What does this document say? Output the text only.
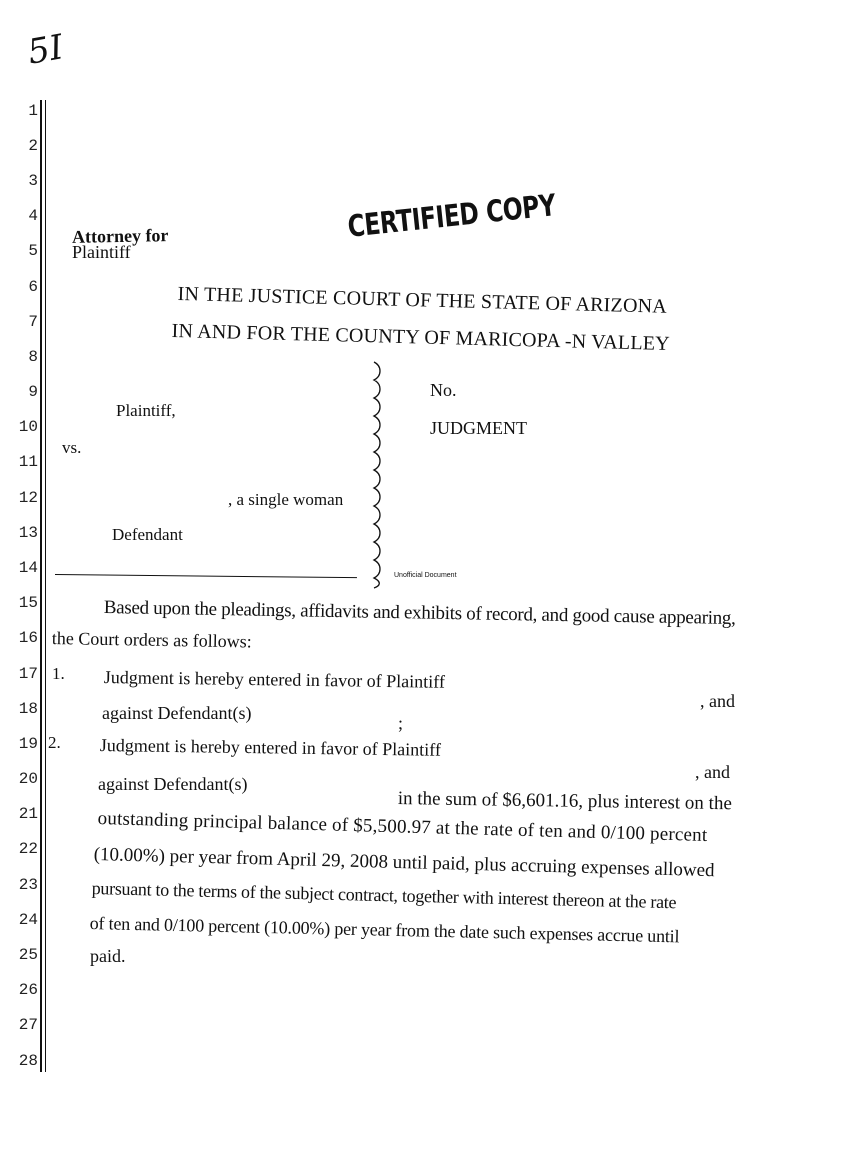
5I
1
2
3
4
5
6
7
8
9
10
11
12
13
14
15
16
17
18
19
20
21
22
23
24
25
26
27
28
CERTIFIED COPY
Attorney for
Plaintiff
IN THE JUSTICE COURT OF THE STATE OF ARIZONA
IN AND FOR THE COUNTY OF MARICOPA -N VALLEY
Plaintiff,
vs.
, a single woman
Defendant
No.
JUDGMENT
Unofficial Document
Based upon the pleadings, affidavits and exhibits of record, and good cause appearing,
the Court orders as follows:
1. Judgment is hereby entered in favor of Plaintiff
, and
against Defendant(s)	;
2. Judgment is hereby entered in favor of Plaintiff
, and
against Defendant(s)
in the sum of $6,601.16, plus interest on the
outstanding principal balance of $5,500.97 at the rate of ten and 0/100 percent
(10.00%) per year from April 29, 2008 until paid, plus accruing expenses allowed
pursuant to the terms of the subject contract, together with interest thereon at the rate
of ten and 0/100 percent (10.00%) per year from the date such expenses accrue until
paid.
